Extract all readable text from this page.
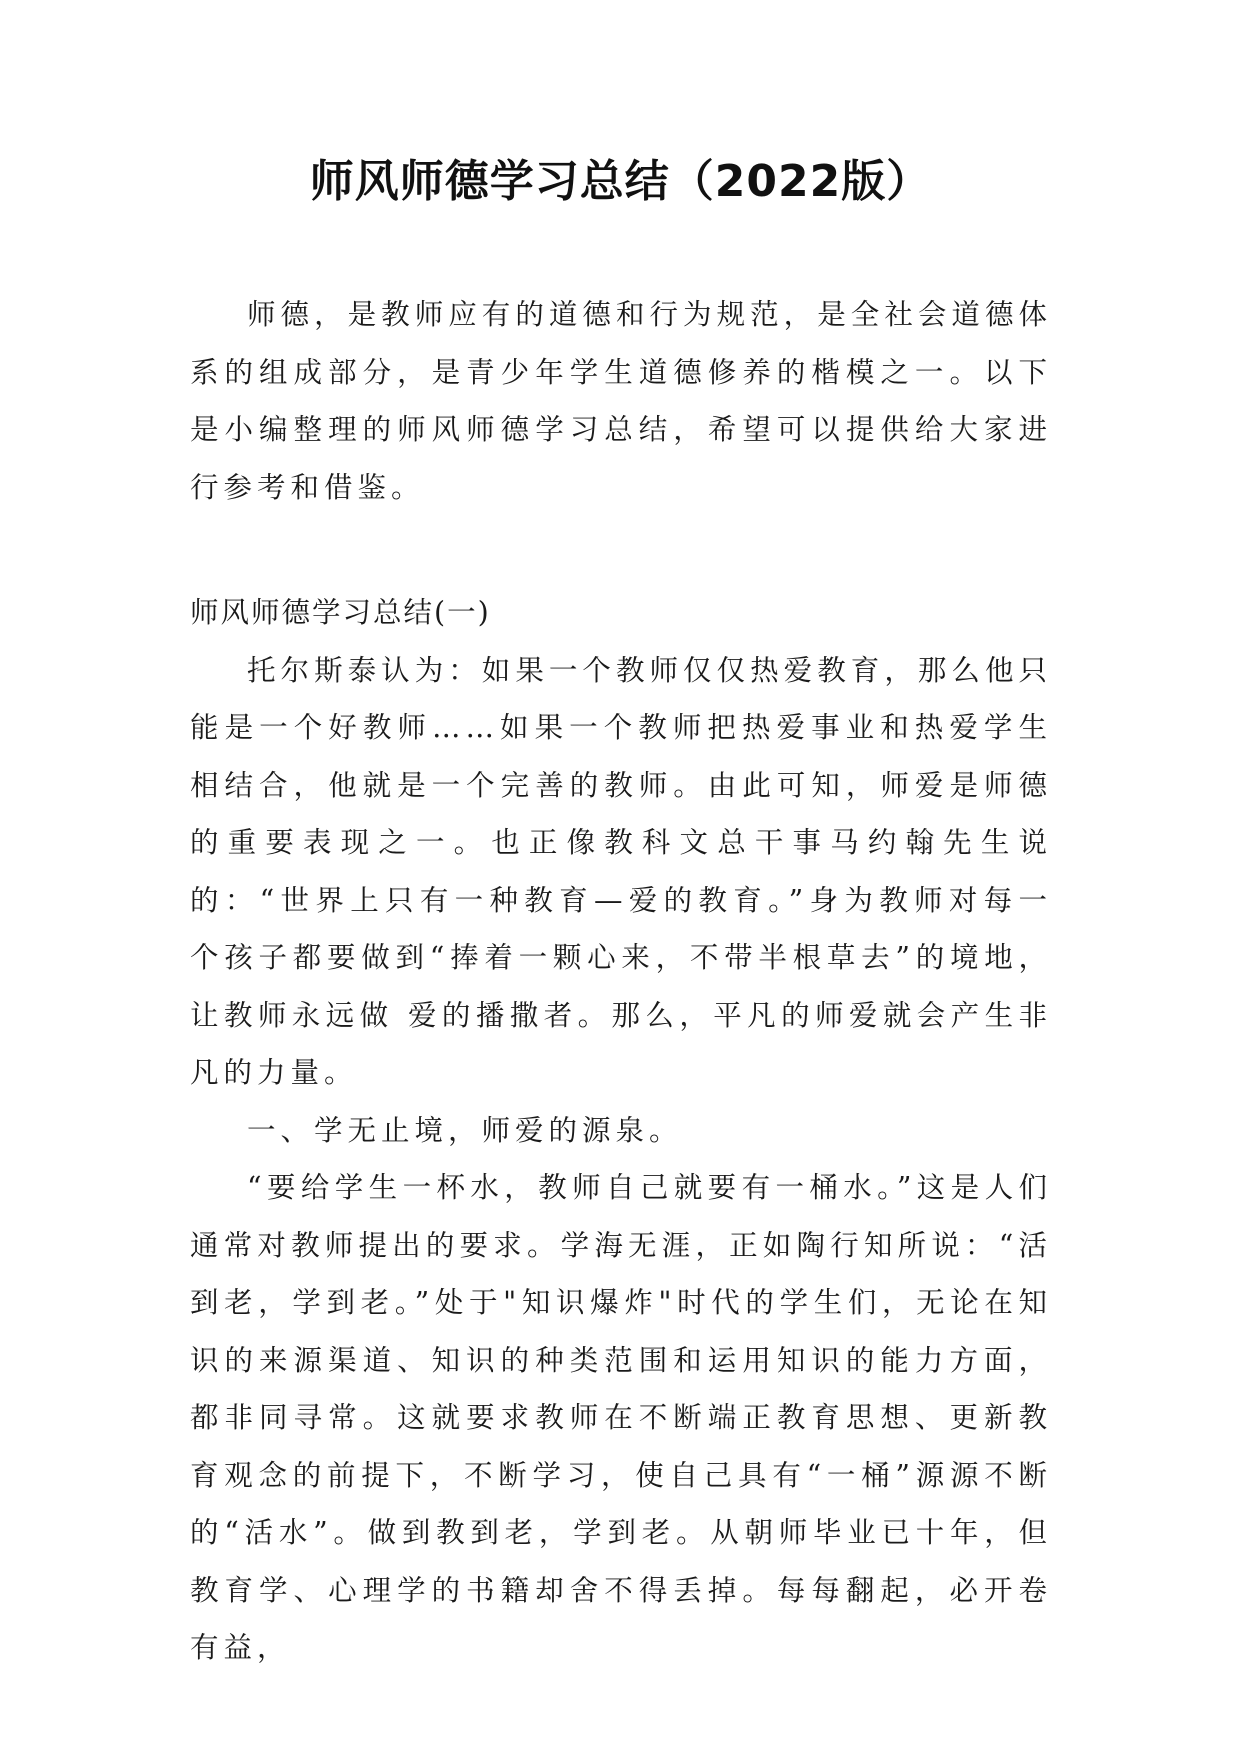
师风师德学习总结（2022版）

师德，是教师应有的道德和行为规范，是全社会道德体系的组成部分，是青少年学生道德修养的楷模之一。以下是小编整理的师风师德学习总结，希望可以提供给大家进行参考和借鉴。

师风师德学习总结(一)

托尔斯泰认为：如果一个教师仅仅热爱教育，那么他只能是一个好教师……如果一个教师把热爱事业和热爱学生相结合，他就是一个完善的教师。由此可知，师爱是师德的重要表现之一。也正像教科文总干事马约翰先生说的：“世界上只有一种教育—爱的教育。”身为教师对每一个孩子都要做到“捧着一颗心来，不带半根草去”的境地，让教师永远做 爱的播撒者。那么，平凡的师爱就会产生非凡的力量。

一、学无止境，师爱的源泉。

“要给学生一杯水，教师自己就要有一桶水。”这是人们通常对教师提出的要求。学海无涯，正如陶行知所说：“活到老，学到老。”处于"知识爆炸"时代的学生们，无论在知识的来源渠道、知识的种类范围和运用知识的能力方面，都非同寻常。这就要求教师在不断端正教育思想、更新教育观念的前提下，不断学习，使自己具有“一桶”源源不断的“活水”。做到教到老，学到老。从朝师毕业已十年，但教育学、心理学的书籍却舍不得丢掉。每每翻起，必开卷有益，
